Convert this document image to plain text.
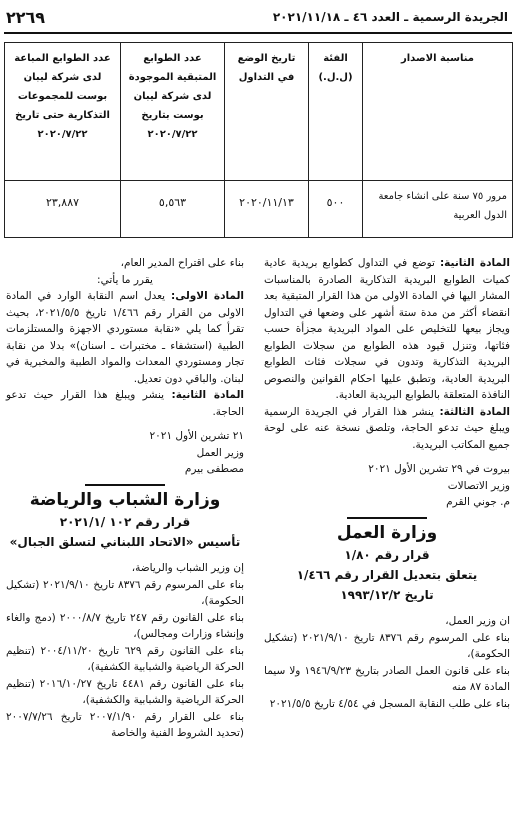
الجريدة الرسمية ـ العدد ٤٦ ـ ٢٠٢١/١١/١٨
٢٢٦٩
مناسبة الاصدار	الفئة (ل.ل.)	تاريخ الوضع في التداول	عدد الطوابع المتبقية الموجودة لدى شركة ليبان بوست بتاريخ ٢٠٢٠/٧/٢٢	عدد الطوابع المباعة لدى شركة ليبان بوست للمجموعات التذكارية حتى تاريخ ٢٠٢٠/٧/٢٢
مرور ٧٥ سنة على انشاء جامعة الدول العربية	٥٠٠	٢٠٢٠/١١/١٣	٥,٥٦٣	٢٣,٨٨٧

المادة الثانية: توضع في التداول كطوابع بريدية عادية كميات الطوابع البريدية التذكارية الصادرة بالمناسبات المشار اليها في المادة الاولى من هذا القرار المتبقية بعد انقضاء أكثر من مدة ستة أشهر على وضعها في التداول ويجاز بيعها للتخليص على المواد البريدية مجزأة حسب فئاتها، وتنزل قيود هذه الطوابع من سجلات الطوابع البريدية التذكارية وتدون في سجلات فئات الطوابع البريدية العادية، وتطبق عليها احكام القوانين والنصوص النافذة المتعلقة بالطوابع البريدية العادية.

المادة الثالثة: ينشر هذا القرار في الجريدة الرسمية ويبلغ حيث تدعو الحاجة، وتلصق نسخة عنه على لوحة جميع المكاتب البريدية.

بيروت في ٢٩ تشرين الأول ٢٠٢١

وزير الاتصالات

م. جوني القرم

وزارة العمل
قرار رقم ١/٨٠
يتعلق بتعديل القرار رقم ١/٤٦٦
تاريخ ١٩٩٣/١٢/٢

ان وزير العمل،

بناء على المرسوم رقم ٨٣٧٦ تاريخ ٢٠٢١/٩/١٠ (تشكيل الحكومة)،

بناء على قانون العمل الصادر بتاريخ ١٩٤٦/٩/٢٣ ولا سيما المادة ٨٧ منه

بناء على طلب النقابة المسجل في ٤/٥٤ تاريخ ٢٠٢١/٥/٥

بناء على اقتراح المدير العام،

يقرر ما يأتي:

المادة الاولى: يعدل اسم النقابة الوارد في المادة الاولى من القرار رقم ١/٤٦٦ تاريخ ٢٠٢١/٥/٥، بحيث تقرأ كما يلي «نقابة مستوردي الاجهزة والمستلزمات الطبية (استشفاء ـ مختبرات ـ اسنان)» بدلا من نقابة تجار ومستوردي المعدات والمواد الطبية والمخبرية في لبنان. والباقي دون تعديل.

المادة الثانية: ينشر ويبلغ هذا القرار حيث تدعو الحاجة.

٢١ تشرين الأول ٢٠٢١

وزير العمل

مصطفى بيرم

وزارة الشباب والرياضة
قرار رقم ١٠٢ /٢٠٢١/١
تأسيس «الاتحاد اللبناني لتسلق الجبال»

إن وزير الشباب والرياضة،

بناء على المرسوم رقم ٨٣٧٦ تاريخ ٢٠٢١/٩/١٠ (تشكيل الحكومة)،

بناء على القانون رقم ٢٤٧ تاريخ ٢٠٠٠/٨/٧ (دمج والغاء وإنشاء وزارات ومجالس)،

بناء على القانون رقم ٦٢٩ تاريخ ٢٠٠٤/١١/٢٠ (تنظيم الحركة الرياضية والشبابية الكشفية)،

بناء على القانون رقم ٤٤٨١ تاريخ ٢٠١٦/١٠/٢٧ (تنظيم الحركة الرياضية والشبابية والكشفية)،

بناء على القرار رقم ٢٠٠٧/١/٩٠ تاريخ ٢٠٠٧/٧/٢٦ (تحديد الشروط الفنية والخاصة
